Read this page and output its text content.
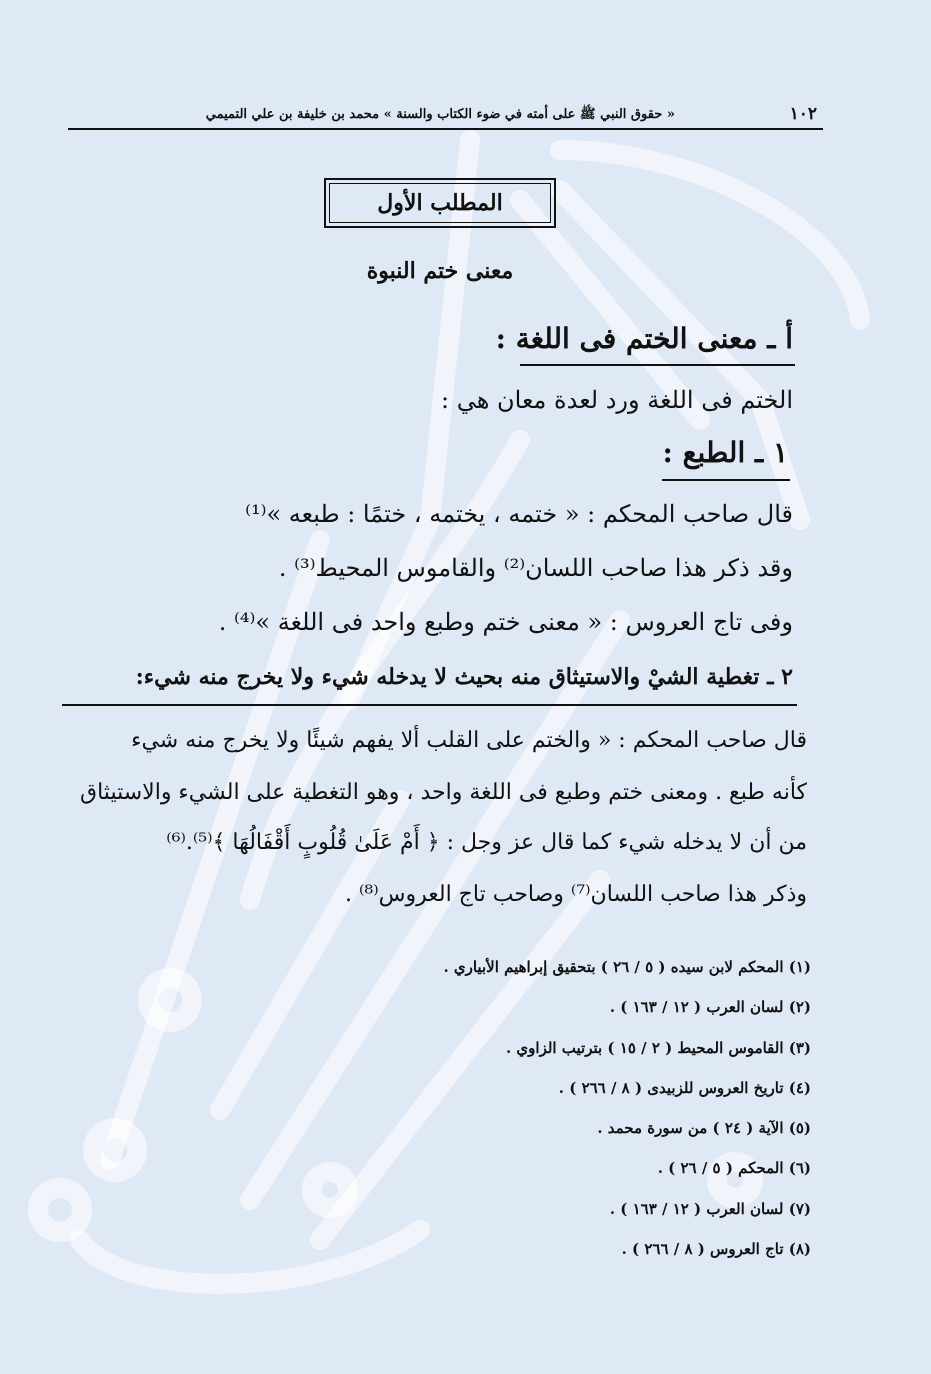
١٠٢
« حقوق النبي ﷺ على أمته في ضوء الكتاب والسنة » محمد بن خليفة بن علي التميمي
المطلب الأول
معنى ختم النبوة
أ ـ معنى الختم فى اللغة :
الختم فى اللغة ورد لعدة معان هي :
١ ـ الطبع :
قال صاحب المحكم : « ختمه ، يختمه ، ختمًا : طبعه »⁽¹⁾
وقد ذكر هذا صاحب اللسان⁽²⁾ والقاموس المحيط⁽³⁾ .
وفى تاج العروس : « معنى ختم وطبع واحد فى اللغة »⁽⁴⁾ .
٢ ـ تغطية الشيْ والاستيثاق منه بحيث لا يدخله شيء ولا يخرج منه شيء:
قال صاحب المحكم : « والختم على القلب ألا يفهم شيئًا ولا يخرج منه شيء
كأنه طبع . ومعنى ختم وطبع فى اللغة واحد ، وهو التغطية على الشيء والاستيثاق
من أن لا يدخله شيء كما قال عز وجل : ﴿ أَمْ عَلَىٰ قُلُوبٍ أَقْفَالُهَا ﴾⁽⁵⁾.⁽⁶⁾
وذكر هذا صاحب اللسان⁽⁷⁾ وصاحب تاج العروس⁽⁸⁾ .
(١) المحكم لابن سيده ( ٥ / ٢٦ ) بتحقيق إبراهيم الأبياري .
(٢) لسان العرب ( ١٢ / ١٦٣ ) .
(٣) القاموس المحيط ( ٢ / ١٥ ) بترتيب الزاوي .
(٤) تاريخ العروس للزبيدى ( ٨ / ٢٦٦ ) .
(٥) الآية ( ٢٤ ) من سورة محمد .
(٦) المحكم ( ٥ / ٢٦ ) .
(٧) لسان العرب ( ١٢ / ١٦٣ ) .
(٨) تاج العروس ( ٨ / ٢٦٦ ) .
